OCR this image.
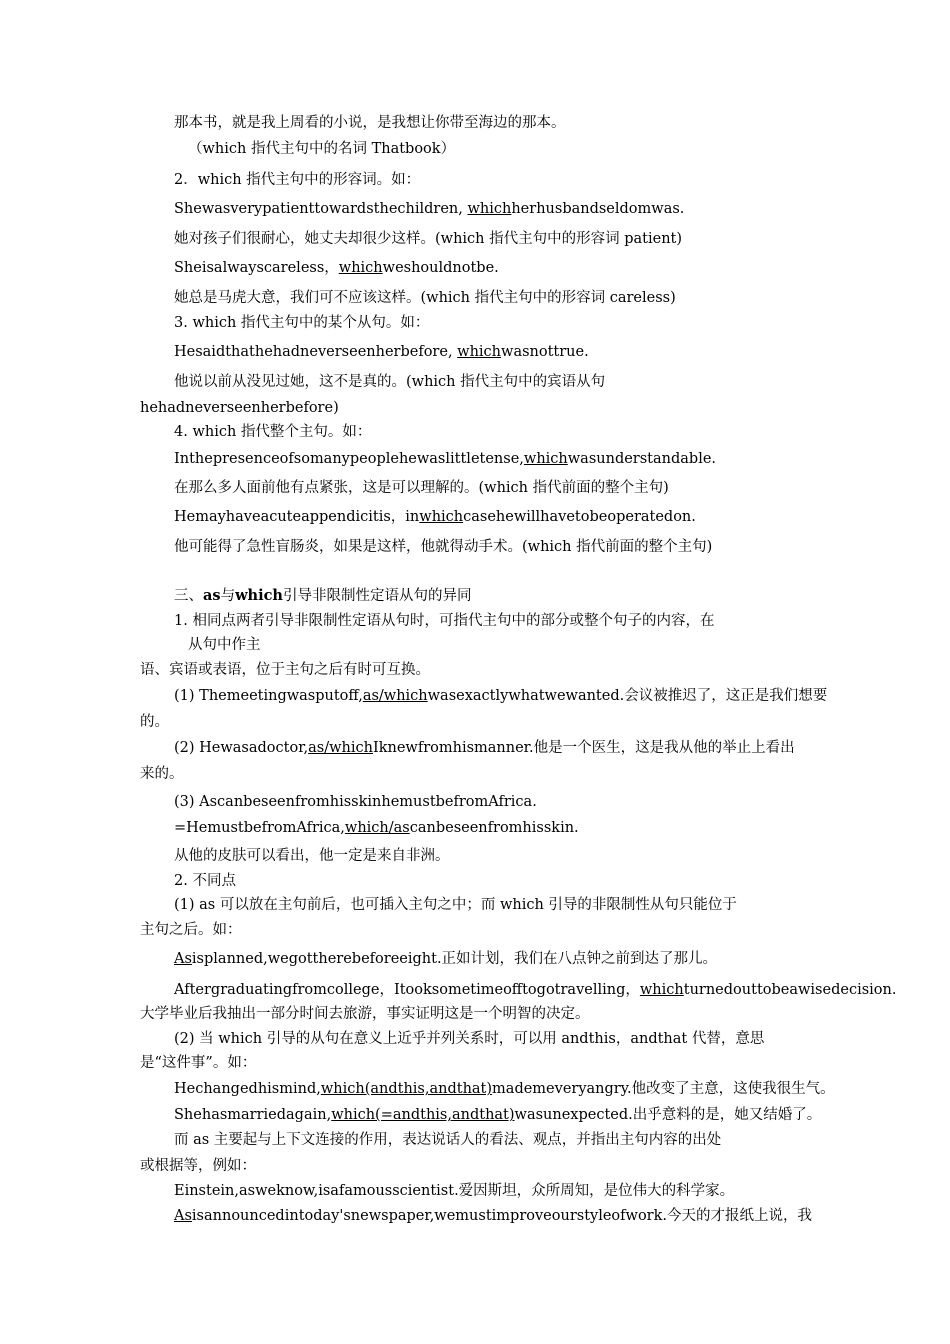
那本书，就是我上周看的小说，是我想让你带至海边的那本。
（which 指代主句中的名词 Thatbook）
2．which 指代主句中的形容词。如：
Shewasverypatienttowardsthechildren, whichherhusbandseldomwas.
她对孩子们很耐心，她丈夫却很少这样。(which 指代主句中的形容词 patient)
Sheisalwayscareless，whichweshouldnotbe.
她总是马虎大意，我们可不应该这样。(which 指代主句中的形容词 careless)
3. which 指代主句中的某个从句。如：
Hesaidthathehadneverseenherbefore, whichwasnottrue.
他说以前从没见过她，这不是真的。(which 指代主句中的宾语从句
hehadneverseenherbefore)
4. which 指代整个主句。如：
Inthepresenceofsomanypeoplehewaslittletense,whichwasunderstandable.
在那么多人面前他有点紧张，这是可以理解的。(which 指代前面的整个主句)
Hemayhaveacuteappendicitis，inwhichcasehewillhavetobeoperatedon.
他可能得了急性盲肠炎，如果是这样，他就得动手术。(which 指代前面的整个主句)
三、as与which引导非限制性定语从句的异同
1. 相同点两者引导非限制性定语从句时，可指代主句中的部分或整个句子的内容，在
从句中作主
语、宾语或表语，位于主句之后有时可互换。
(1) Themeetingwasputoff,as/whichwasexactlywhatwewanted.会议被推迟了，这正是我们想要
的。
(2) Hewasadoctor,as/whichIknewfromhismanner.他是一个医生，这是我从他的举止上看出
来的。
(3) AscanbeseenfromhisskinhemustbefromAfrica.
=HemustbefromAfrica,which/ascanbeseenfromhisskin.
从他的皮肤可以看出，他一定是来自非洲。
2. 不同点
(1) as 可以放在主句前后，也可插入主句之中；而 which 引导的非限制性从句只能位于
主句之后。如：
Asisplanned,wegottherebeforeeight.正如计划，我们在八点钟之前到达了那儿。
Aftergraduatingfromcollege，Itooksometimeofftogotravelling，whichturnedouttobeawisedecision.
大学毕业后我抽出一部分时间去旅游，事实证明这是一个明智的决定。
(2) 当 which 引导的从句在意义上近乎并列关系时，可以用 andthis，andthat 代替，意思
是“这件事”。如：
Hechangedhismind,which(andthis,andthat)mademeveryangry.他改变了主意，这使我很生气。
Shehasmarriedagain,which(=andthis,andthat)wasunexpected.出乎意料的是，她又结婚了。
而 as 主要起与上下文连接的作用，表达说话人的看法、观点，并指出主句内容的出处
或根据等，例如：
Einstein,asweknow,isafamousscientist.爱因斯坦，众所周知，是位伟大的科学家。
Asisannouncedintoday'snewspaper,wemustimproveourstyleofwork.今天的才报纸上说，我
